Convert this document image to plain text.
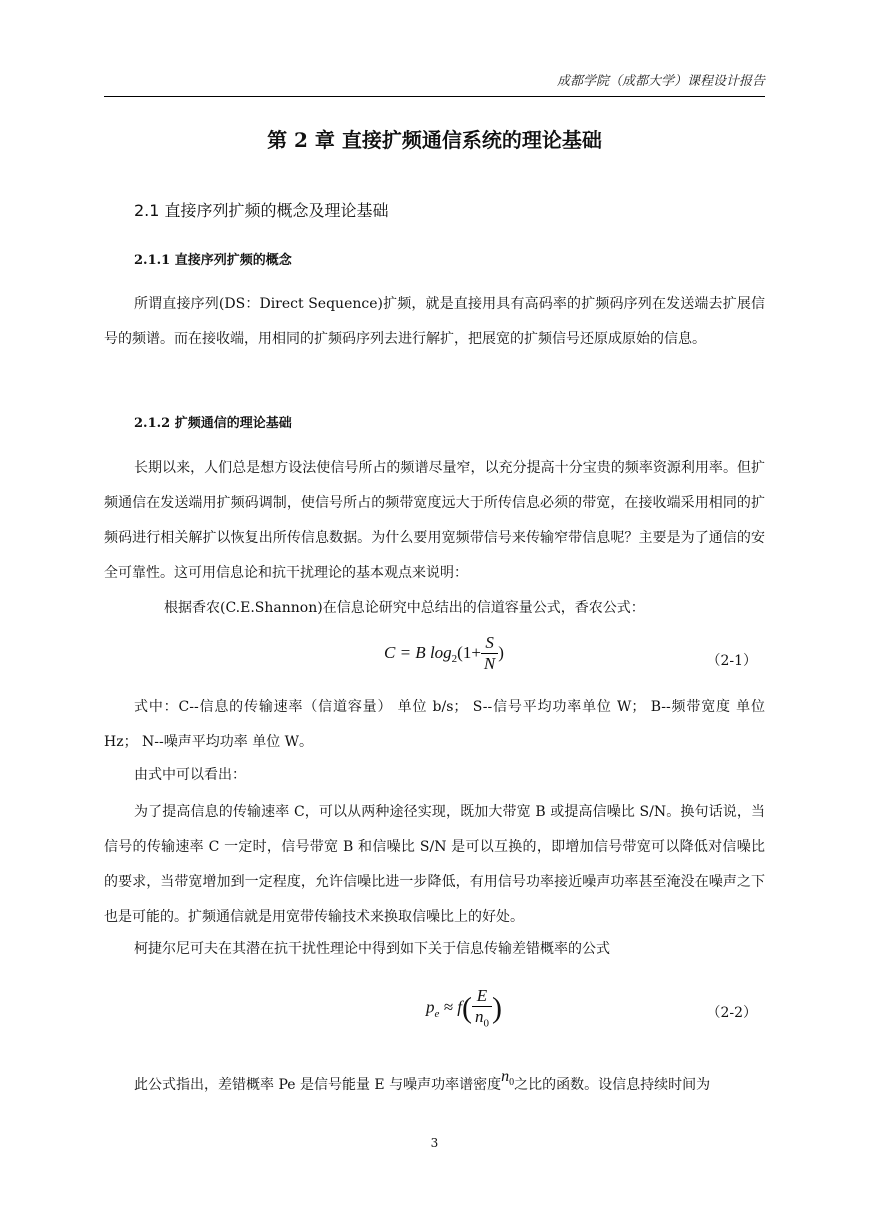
成都学院（成都大学）课程设计报告
第 2 章 直接扩频通信系统的理论基础
2.1 直接序列扩频的概念及理论基础
2.1.1 直接序列扩频的概念

所谓直接序列(DS：Direct Sequence)扩频，就是直接用具有高码率的扩频码序列在发送端去扩展信号的频谱。而在接收端，用相同的扩频码序列去进行解扩，把展宽的扩频信号还原成原始的信息。

2.1.2 扩频通信的理论基础

长期以来，人们总是想方设法使信号所占的频谱尽量窄，以充分提高十分宝贵的频率资源利用率。但扩频通信在发送端用扩频码调制，使信号所占的频带宽度远大于所传信息必须的带宽，在接收端采用相同的扩频码进行相关解扩以恢复出所传信息数据。为什么要用宽频带信号来传输窄带信息呢？主要是为了通信的安全可靠性。这可用信息论和抗干扰理论的基本观点来说明：

根据香农(C.E.Shannon)在信息论研究中总结出的信道容量公式，香农公式：
C = B $\log_2(1+ \frac{S}{N}$ )	（2-1）

式中：C--信息的传输速率（信道容量） 单位 b/s； S--信号平均功率单位 W； B--频带宽度 单位 Hz； N--噪声平均功率 单位 W。

由式中可以看出：

为了提高信息的传输速率 C，可以从两种途径实现，既加大带宽 B 或提高信噪比 S/N。换句话说，当信号的传输速率 C 一定时，信号带宽 B 和信噪比 S/N 是可以互换的，即增加信号带宽可以降低对信噪比的要求，当带宽增加到一定程度，允许信噪比进一步降低，有用信号功率接近噪声功率甚至淹没在噪声之下也是可能的。扩频通信就是用宽带传输技术来换取信噪比上的好处。

柯捷尔尼可夫在其潜在抗干扰性理论中得到如下关于信息传输差错概率的公式
$p_e \approx f( \frac{E}{n_0}$ )	（2-2）
此公式指出，差错概率 Pe 是信号能量 E 与噪声功率谱密度$n_0$之比的函数。设信息持续时间为
3
